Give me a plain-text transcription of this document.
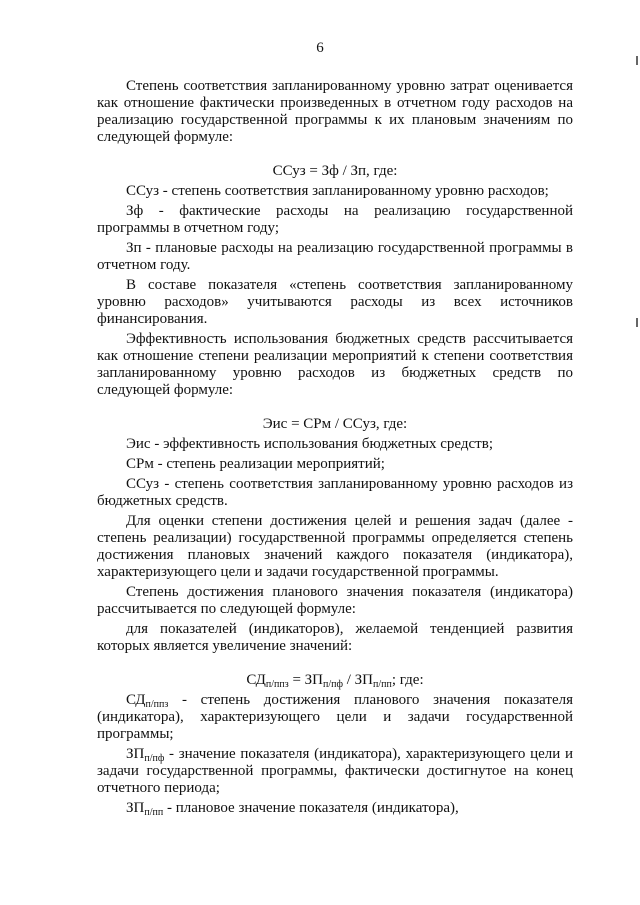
6

Степень соответствия запланированному уровню затрат оценивается как отношение фактически произведенных в отчетном году расходов на реализацию государственной программы к их плановым значениям по следующей формуле:

ССуз = Зф / Зп, где:

ССуз - степень соответствия запланированному уровню расходов;

Зф - фактические расходы на реализацию государственной программы в отчетном году;

Зп - плановые расходы на реализацию государственной программы в отчетном году.

В составе показателя «степень соответствия запланированному уровню расходов» учитываются расходы из всех источников финансирования.

Эффективность использования бюджетных средств рассчитывается как отношение степени реализации мероприятий к степени соответствия запланированному уровню расходов из бюджетных средств по следующей формуле:

Эис = СРм / ССуз, где:

Эис - эффективность использования бюджетных средств;

СРм - степень реализации мероприятий;

ССуз - степень соответствия запланированному уровню расходов из бюджетных средств.

Для оценки степени достижения целей и решения задач (далее - степень реализации) государственной программы определяется степень достижения плановых значений каждого показателя (индикатора), характеризующего цели и задачи государственной программы.

Степень достижения планового значения показателя (индикатора) рассчитывается по следующей формуле:

для показателей (индикаторов), желаемой тенденцией развития которых является увеличение значений:

$СД_{п/ппз} = ЗП_{п/пф} / ЗП_{п/пп}$; где:

$СД_{п/ппз}$ - степень достижения планового значения показателя (индикатора), характеризующего цели и задачи государственной программы;

$ЗП_{п/пф}$ - значение показателя (индикатора), характеризующего цели и задачи государственной программы, фактически достигнутое на конец отчетного периода;

$ЗП_{п/пп}$ - плановое значение показателя (индикатора),
